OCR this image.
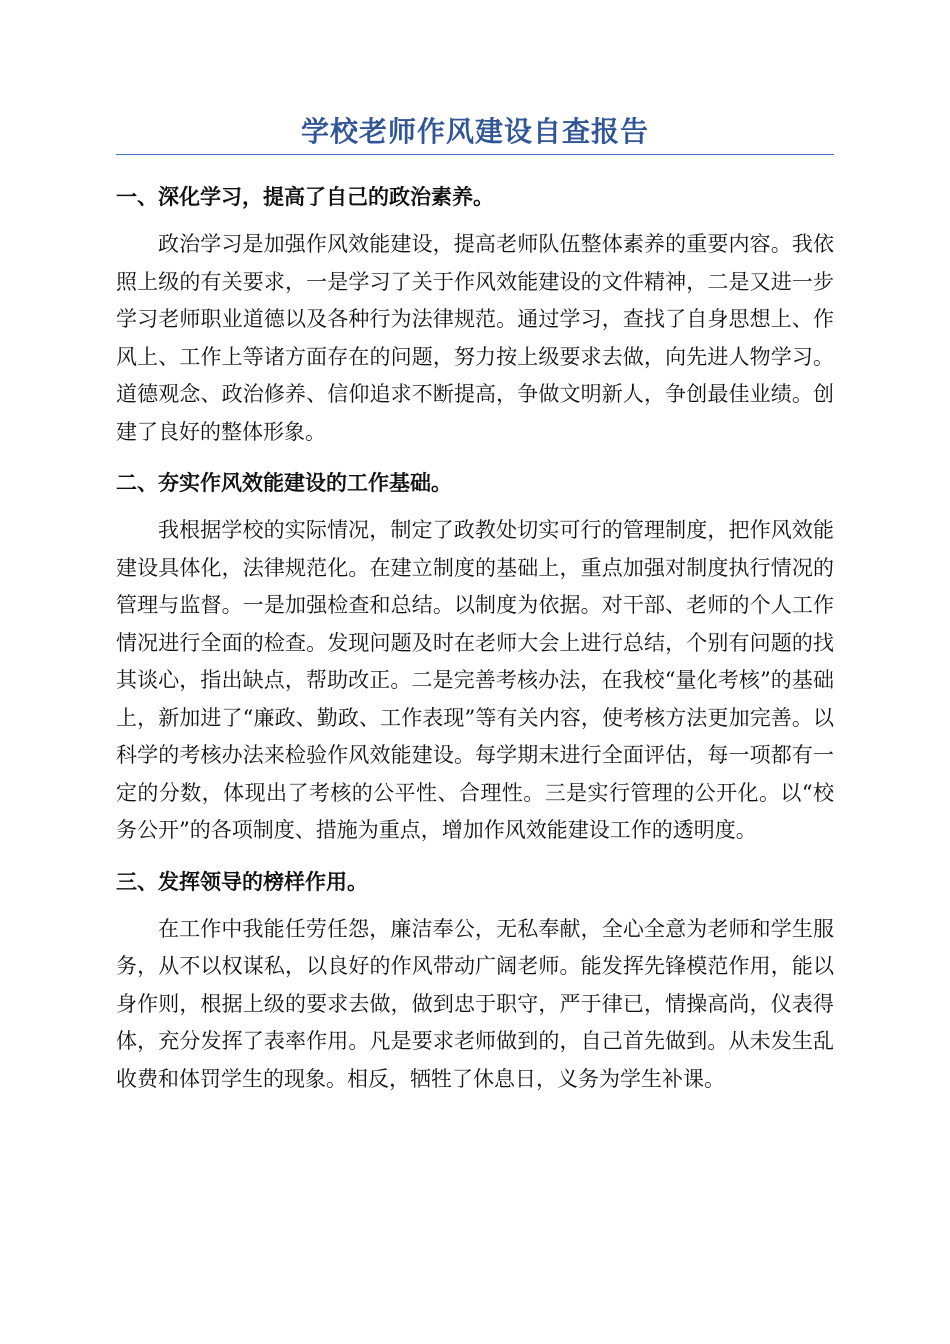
学校老师作风建设自查报告
一、深化学习，提高了自己的政治素养。

政治学习是加强作风效能建设，提高老师队伍整体素养的重要内容。我依照上级的有关要求，一是学习了关于作风效能建设的文件精神，二是又进一步学习老师职业道德以及各种行为法律规范。通过学习，查找了自身思想上、作风上、工作上等诸方面存在的问题，努力按上级要求去做，向先进人物学习。道德观念、政治修养、信仰追求不断提高，争做文明新人，争创最佳业绩。创建了良好的整体形象。

二、夯实作风效能建设的工作基础。

我根据学校的实际情况，制定了政教处切实可行的管理制度，把作风效能建设具体化，法律规范化。在建立制度的基础上，重点加强对制度执行情况的管理与监督。一是加强检查和总结。以制度为依据。对干部、老师的个人工作情况进行全面的检查。发现问题及时在老师大会上进行总结，个别有问题的找其谈心，指出缺点，帮助改正。二是完善考核办法，在我校“量化考核”的基础上，新加进了“廉政、勤政、工作表现”等有关内容，使考核方法更加完善。以科学的考核办法来检验作风效能建设。每学期末进行全面评估，每一项都有一定的分数，体现出了考核的公平性、合理性。三是实行管理的公开化。以“校务公开”的各项制度、措施为重点，增加作风效能建设工作的透明度。

三、发挥领导的榜样作用。

在工作中我能任劳任怨，廉洁奉公，无私奉献，全心全意为老师和学生服务，从不以权谋私，以良好的作风带动广阔老师。能发挥先锋模范作用，能以身作则，根据上级的要求去做，做到忠于职守，严于律已，情操高尚，仪表得体，充分发挥了表率作用。凡是要求老师做到的，自己首先做到。从未发生乱收费和体罚学生的现象。相反，牺牲了休息日，义务为学生补课。
